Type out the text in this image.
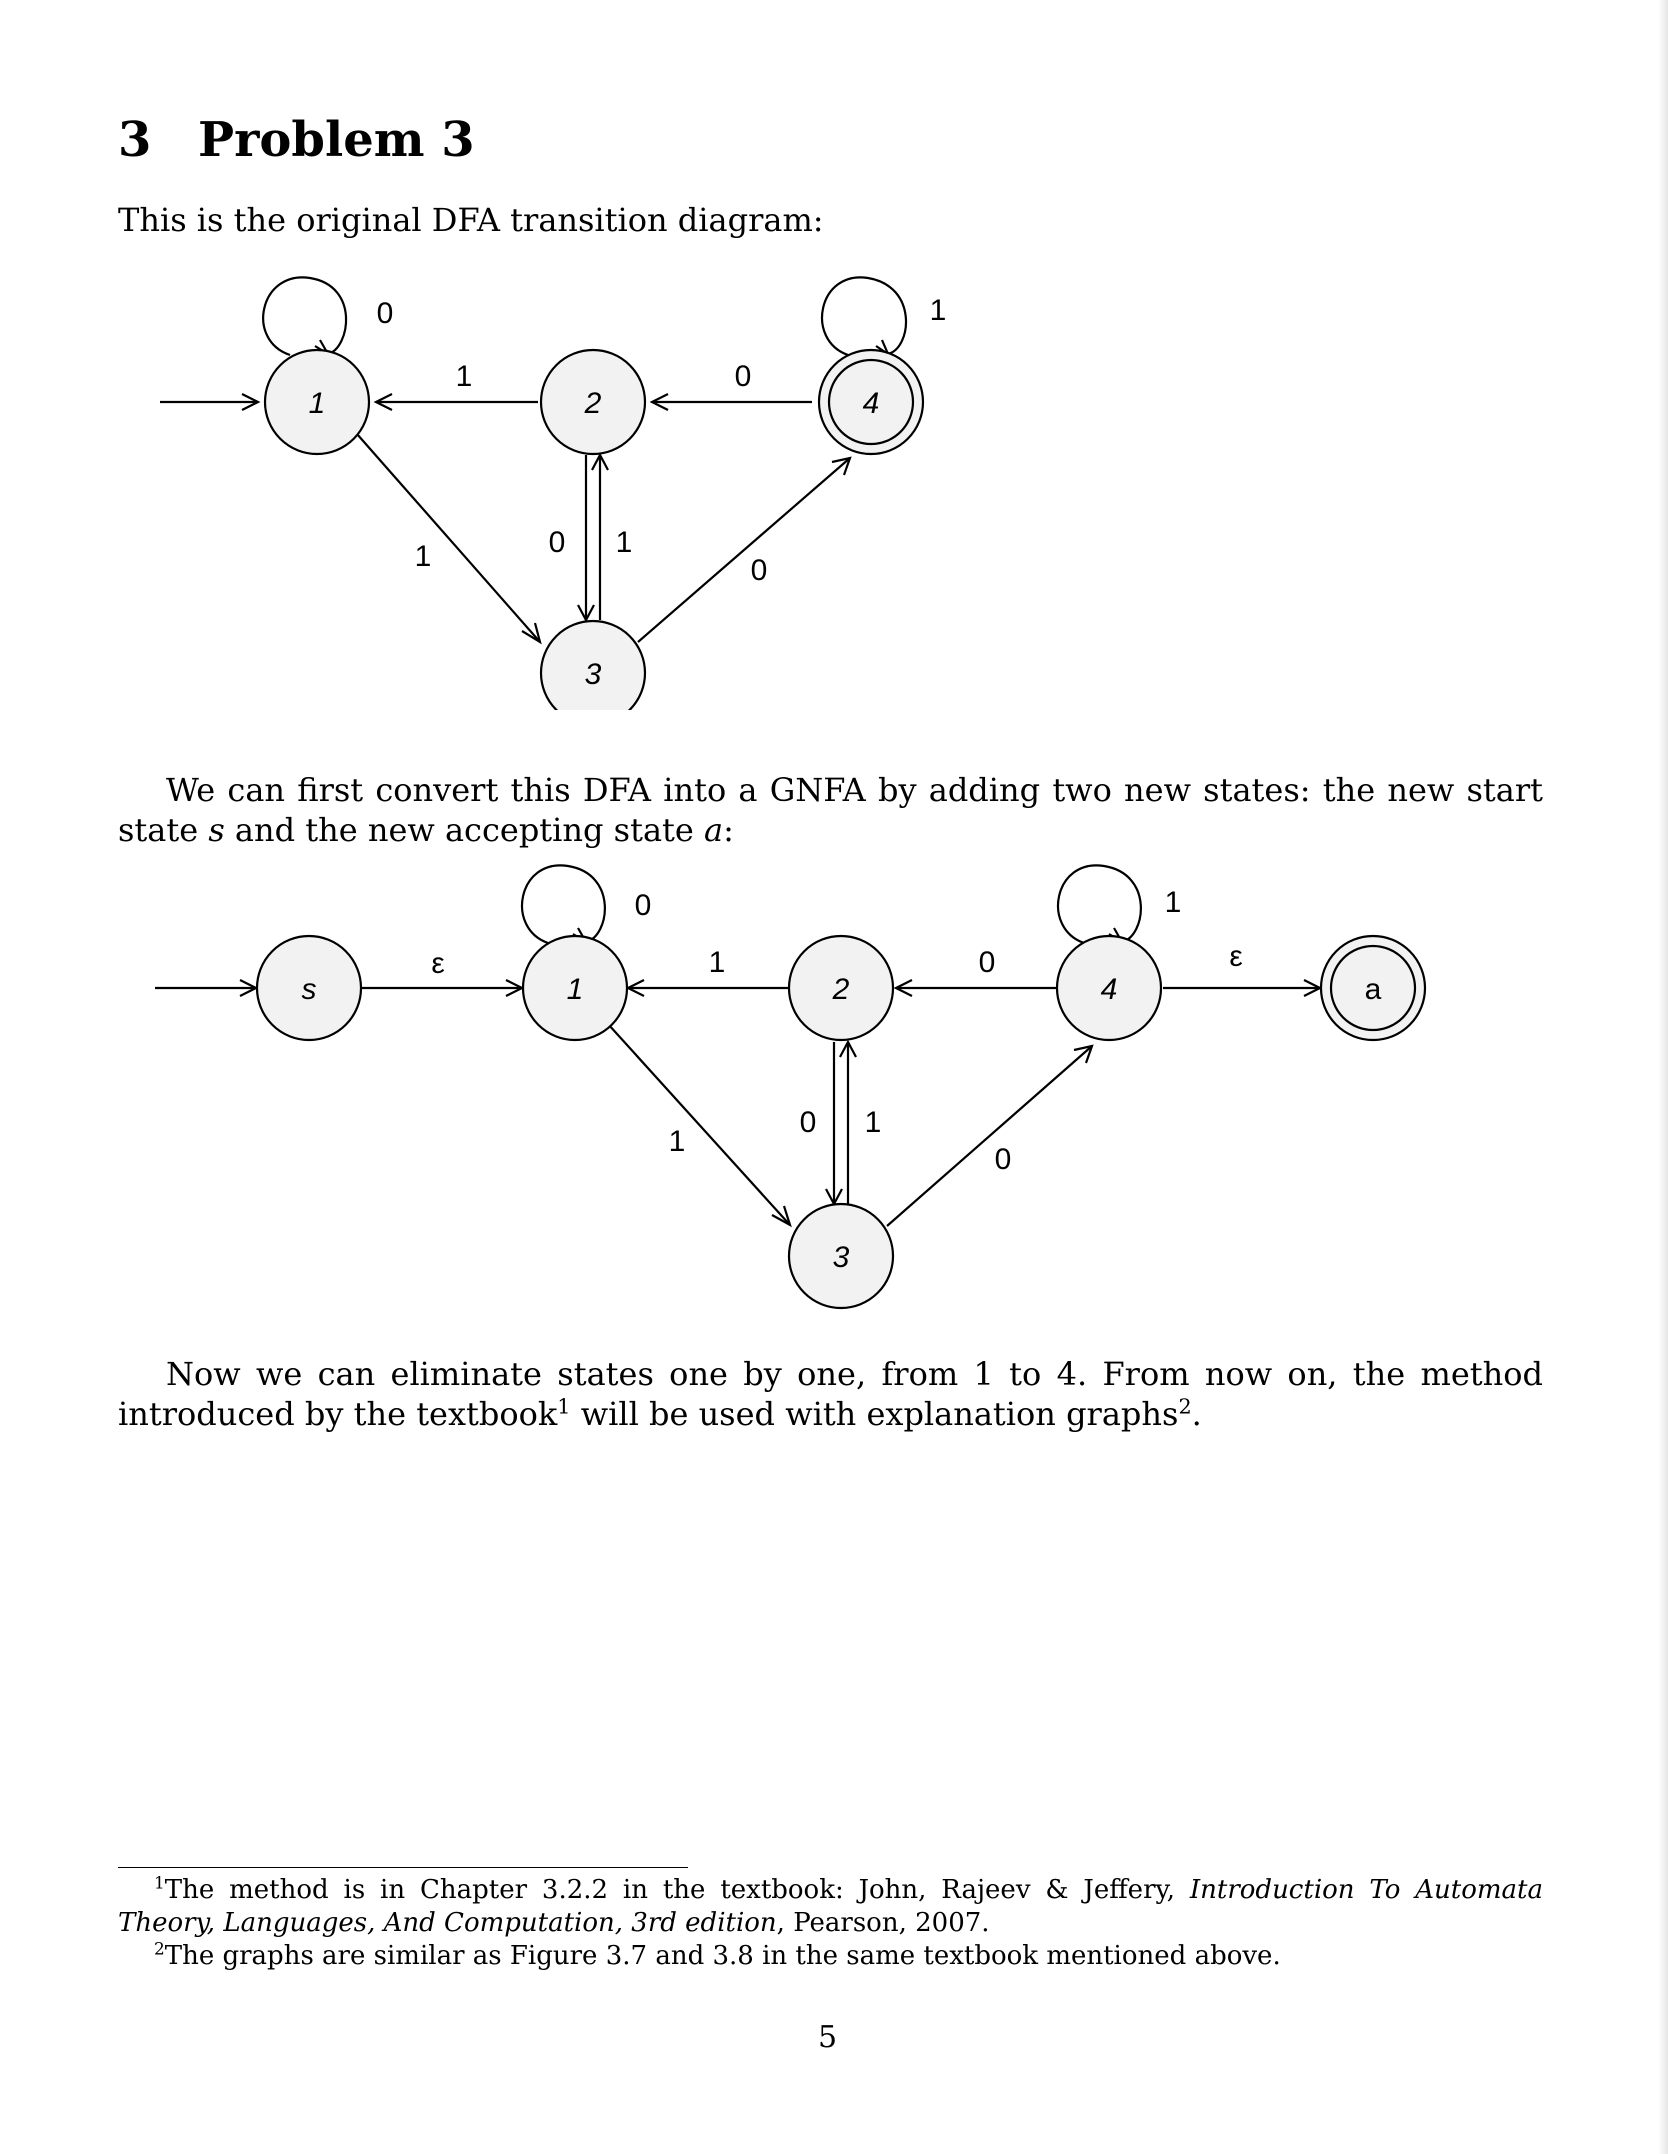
3 Problem 3
This is the original DFA transition diagram:
1	2
3
4
0
1
1
0 1
0
0
1
We can first convert this DFA into a GNFA by adding two new states: the new start state s and the new accepting state a:
s	1	2
3
4	a
ε
0
1
1
0 1
0
0
1
ε
Now we can eliminate states one by one, from 1 to 4. From now on, the method introduced by the textbook$^1$ will be used with explanation graphs$^2$.

$^1$The method is in Chapter 3.2.2 in the textbook: John, Rajeev & Jeffery, Introduction To Automata Theory, Languages, And Computation, 3rd edition, Pearson, 2007.

$^2$The graphs are similar as Figure 3.7 and 3.8 in the same textbook mentioned above.

5
